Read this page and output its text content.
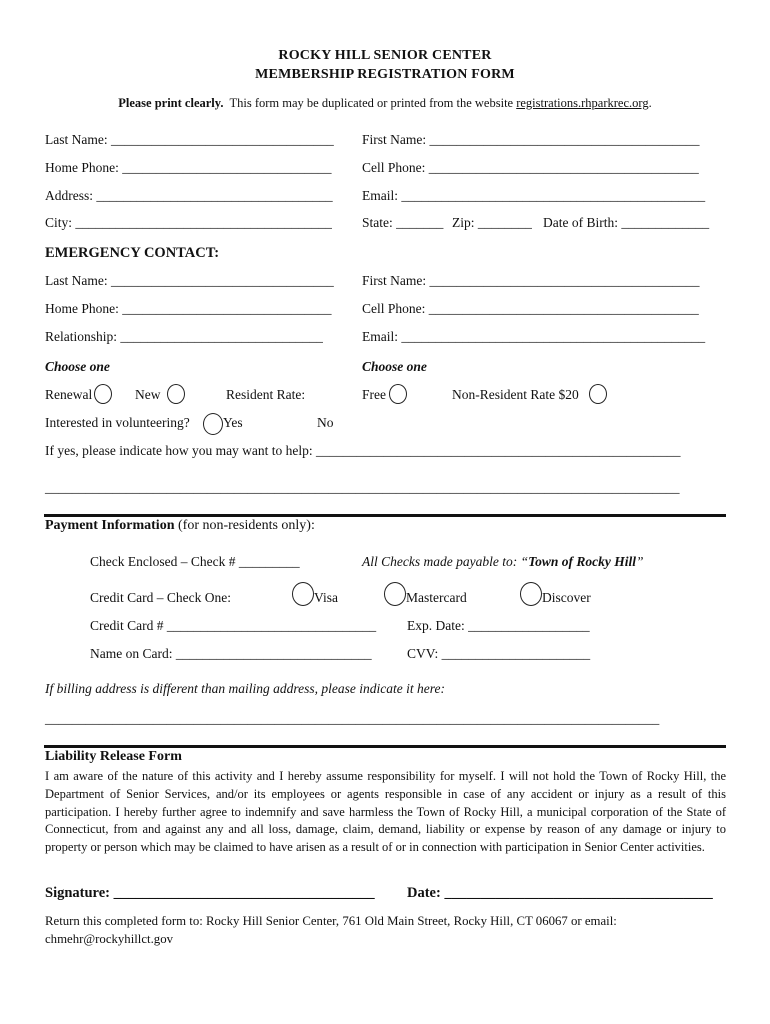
ROCKY HILL SENIOR CENTER
MEMBERSHIP REGISTRATION FORM
Please print clearly. This form may be duplicated or printed from the website registrations.rhparkrec.org.
Last Name: _________________________________ First Name: ________________________________________
Home Phone: _______________________________ Cell Phone: ________________________________________
Address: ___________________________________ Email: _____________________________________________
City: ______________________________________ State: _______ Zip: ________ Date of Birth: _____________
EMERGENCY CONTACT:
Last Name: _________________________________ First Name: ________________________________________
Home Phone: _______________________________ Cell Phone: ________________________________________
Relationship: ______________________________	Email: _____________________________________________
Choose one	Choose one
Renewal	New	Resident Rate:	Free	Non-Resident Rate $20
Interested in volunteering?	Yes	No
If yes, please indicate how you may want to help: ______________________________________________________
______________________________________________________________________________________________
Payment Information (for non-residents only):
Check Enclosed – Check # _________	All Checks made payable to: “Town of Rocky Hill”
Credit Card – Check One:	Visa	Mastercard	Discover
Credit Card # _______________________________ Exp. Date: __________________
Name on Card: _____________________________	CVV: ______________________
If billing address is different than mailing address, please indicate it here:
___________________________________________________________________________________________
Liability Release Form
I am aware of the nature of this activity and I hereby assume responsibility for myself. I will not hold the Town of Rocky Hill, the Department of Senior Services, and/or its employees or agents responsible in case of any accident or injury as a result of this participation. I hereby further agree to indemnify and save harmless the Town of Rocky Hill, a municipal corporation of the State of Connecticut, from and against any and all loss, damage, claim, demand, liability or expense by reason of any damage or injury to property or person which may be claimed to have arisen as a result of or in connection with participation in Senior Center activities.
Signature: ____________________________________ Date: _____________________________________
Return this completed form to: Rocky Hill Senior Center, 761 Old Main Street, Rocky Hill, CT 06067 or email:
chmehr@rockyhillct.gov
